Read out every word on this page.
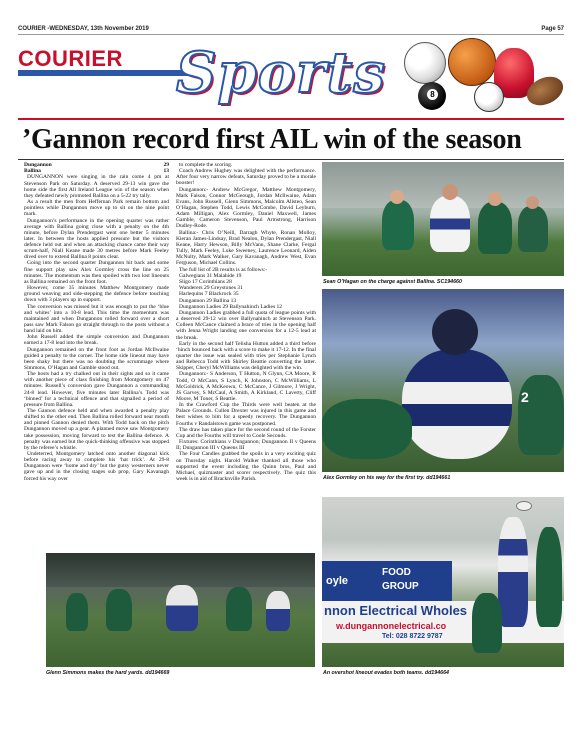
COURIER -WEDNESDAY, 13th November 2019	Page 57
COURIER Sports	8
’Gannon record first AIL win of the season

Dungannon	29

Ballina	13

DUNGANNON were singing in the rain come 4 pm at Stevenson Park on Saturday. A deserved 29-13 win gave the home side the first All Ireland League win of the season when they defeated newly promoted Ballina on a 5-22 try tally.

As a result the men from Heffernan Park remain bottom and pointless while Dungannon move up to sit on the nine point mark.

Dungannon’s performance in the opening quarter was rather average with Ballina going close with a penalty on the 4th minute, before Dylan Prendergast went one better 5 minutes later. In between the hosts applied pressure but the visitors defence held out and when an attacking chance came their way scrum-half, Niall Keane made 30 metres before Mark Feeley dived over to extend Ballina 8 points clear.

Going into the second quarter Dungannon hit back and some fine support play saw Alex Gormley cross the line on 25 minutes. The momentum was then spoiled with two lost lineouts as Ballina remained on the front foot.

However, come 35 minutes Matthew Montgomery made ground weaving and side-stepping the defence before touching down with 3 players up in support.

The conversion was missed but it was enough to put the ‘blue and whites’ into a 10-8 lead. This time the momentum was maintained and when Dungannon rolled forward over a short pass saw Mark Falson go straight through to the posts without a hand laid on him.

John Russell added the simple conversion and Dungannon earned a 17-8 lead into the break.

Dungannon remained on the front foot as Jordan McIlwaine guided a penalty to the corner. The home side lineout may have been shaky but there was no doubting the scrummage where Simmons, O’Hagan and Gamble stood out.

The hosts had a try chalked out in their sights and so it came with another piece of class finishing from Montgomery on 47 minutes. Russell’s conversion gave Dungannon a commanding 24-8 lead. However, five minutes later Ballina’s Todd was ‘binned’ for a technical offence and that signalled a period of pressure from Ballina.

The Gannon defence held and when awarded a penalty play shifted to the other end. Then Ballina rolled forward near mouth and pinned Gannon denied them. With Todd back on the pitch Dungannon moved up a gear. A planned move saw Montgomery take possession, moving forward to test the Ballina defence. A penalty was earned but the quick-thinking offensive was stopped by the referee’s whistle.

Undeterred, Montgomery latched onto another diagonal kick before racing away to complete his ‘hat trick’. At 29-8 Dungannon were ‘home and dry’ but the gutsy westerners never gave up and in the closing stages sub prop, Gary Kavanagh forced his way over

to complete the scoring.

Coach Andrew Hughey was delighted with the performance. After four very narrow defeats, Saturday proved to be a morale booster!

Dungannon:- Andrew McGregor, Matthew Montgomery, Mark Falson, Connor McGeough, Jordan McIlwaine, Adam Evans, John Russell, Glenn Simmons, Malcolm Allsteo, Sean O’Hagan, Stephen Todd, Lewis McCombe, David Leyburn, Adam Milligan, Alex Gormley, Daniel Maxwell, James Gamble, Cameron Stevenson, Paul Armstrong, Harrison Dudley-Rode.

Ballina:- Chris O’Neill, Darragh Whyte, Ronan Molloy, Kieran James-Lindsay, Brad Nealon, Dylan Prendergast, Niall Keane, Harry Hewson, Billy McVann, Shane Clarke, Fergal Tully, Mark Feeley, Luke Sweeney, Laurence Leonard, Aiden McNulty, Mark Walker, Gary Kavanagh, Andrew West, Evan Ferguson, Michael Collins.

The full list of 2B results is as follows:-

Galwegians 31 Malahide 19

Sligo 17 Corinthians 28

Wanderers 29 Greystones 31

Harlequins 7 Blackrock 35

Dungannon 29 Ballina 13

Dungannon Ladies 29 Ballynahinch Ladies 12

Dungannon Ladies grabbed a full quota of league points with a deserved 29-12 win over Ballynahinch at Stevenson Park. Colleen McCance claimed a brace of tries in the opening half with Jenna Wright landing one conversion for a 12-5 lead at the break.

Early in the second half Telisha Hutton added a third before ‘hinch bounced back with a score to make it 17-12. In the final quarter the issue was sealed with tries per Stephanie Lynch and Rebecca Todd with Shirley Beattie converting the latter. Skipper, Cheryl McWilliams was delighted with the win.

Dungannon:- S Anderson, T Hutton, N Glynn, CA Moore, R Todd, O McCann, S Lynch, K Johnston, C McWilliams, L McGoldrick, A McKeown, C McCance, J Gilmore, J Wright, JS Garvey, S McCaul, A Smith, A Kirkland, C Laverty, Cliff Moore, M Toner, S Beattie.

In the Crawford Cup the Thirds were well beaten at the Palace Grounds. Cullen Drexter was injured in this game and best wishes to him for a speedy recovery. The Dungannon Fourths v Randalstown game was postponed.

The draw has taken place for the second round of the Forster Cup and the Fourths will travel to Coole Seconds.

Fixtures: Corinthians v Dungannon; Dungannon II v Queens II; Dungannon III v Queens III

The Four Candles grabbed the spoils in a very exciting quiz on Thursday night. Harold Walker thanked all those who supported the event including the Quinn bros, Paul and Michael, quizmaster and scorer respectively. The quiz this week is in aid of Bracknville Parish.

Sean O’Hagan on the charge against Ballina. SC194660
2
Alex Gormley on his way for the first try. dd194661
Glenn Simmons makes the hard yards. dd194669
oyle
FOOD
GROUP
nnon Electrical Wholes
w.dungannonelectrical.co
Tel: 028 8722 9787
An overshot lineout evades both teams. dd194664
